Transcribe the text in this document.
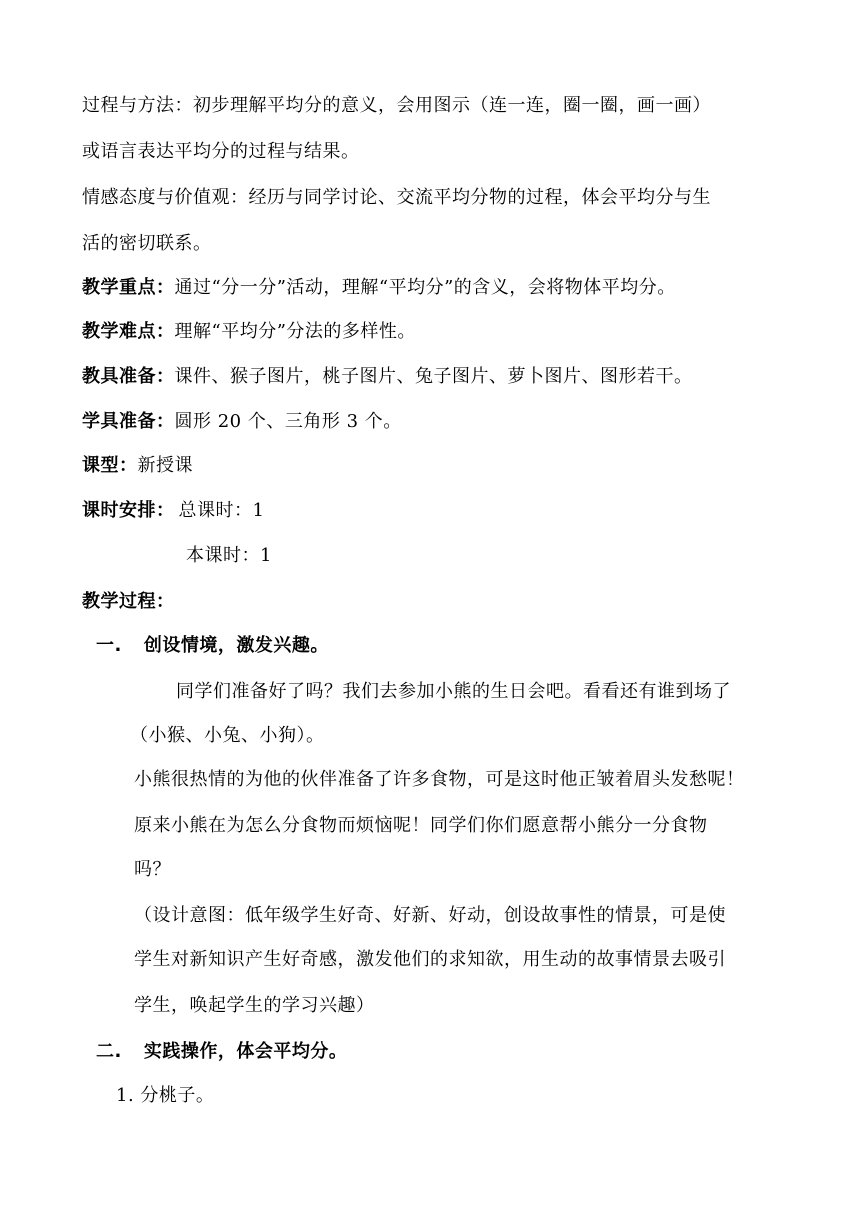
过程与方法：初步理解平均分的意义，会用图示（连一连，圈一圈，画一画）
或语言表达平均分的过程与结果。
情感态度与价值观：经历与同学讨论、交流平均分物的过程，体会平均分与生
活的密切联系。
教学重点：通过“分一分”活动，理解“平均分”的含义，会将物体平均分。
教学难点：理解“平均分”分法的多样性。
教具准备：课件、猴子图片，桃子图片、兔子图片、萝卜图片、图形若干。
学具准备：圆形 20 个、三角形 3 个。
课型：新授课
课时安排： 总课时：1
本课时：1
教学过程：
一. 创设情境，激发兴趣。
同学们准备好了吗？我们去参加小熊的生日会吧。看看还有谁到场了
（小猴、小兔、小狗）。
小熊很热情的为他的伙伴准备了许多食物，可是这时他正皱着眉头发愁呢！
原来小熊在为怎么分食物而烦恼呢！同学们你们愿意帮小熊分一分食物
吗？
（设计意图：低年级学生好奇、好新、好动，创设故事性的情景，可是使
学生对新知识产生好奇感，激发他们的求知欲，用生动的故事情景去吸引
学生，唤起学生的学习兴趣）
二. 实践操作，体会平均分。
1. 分桃子。
